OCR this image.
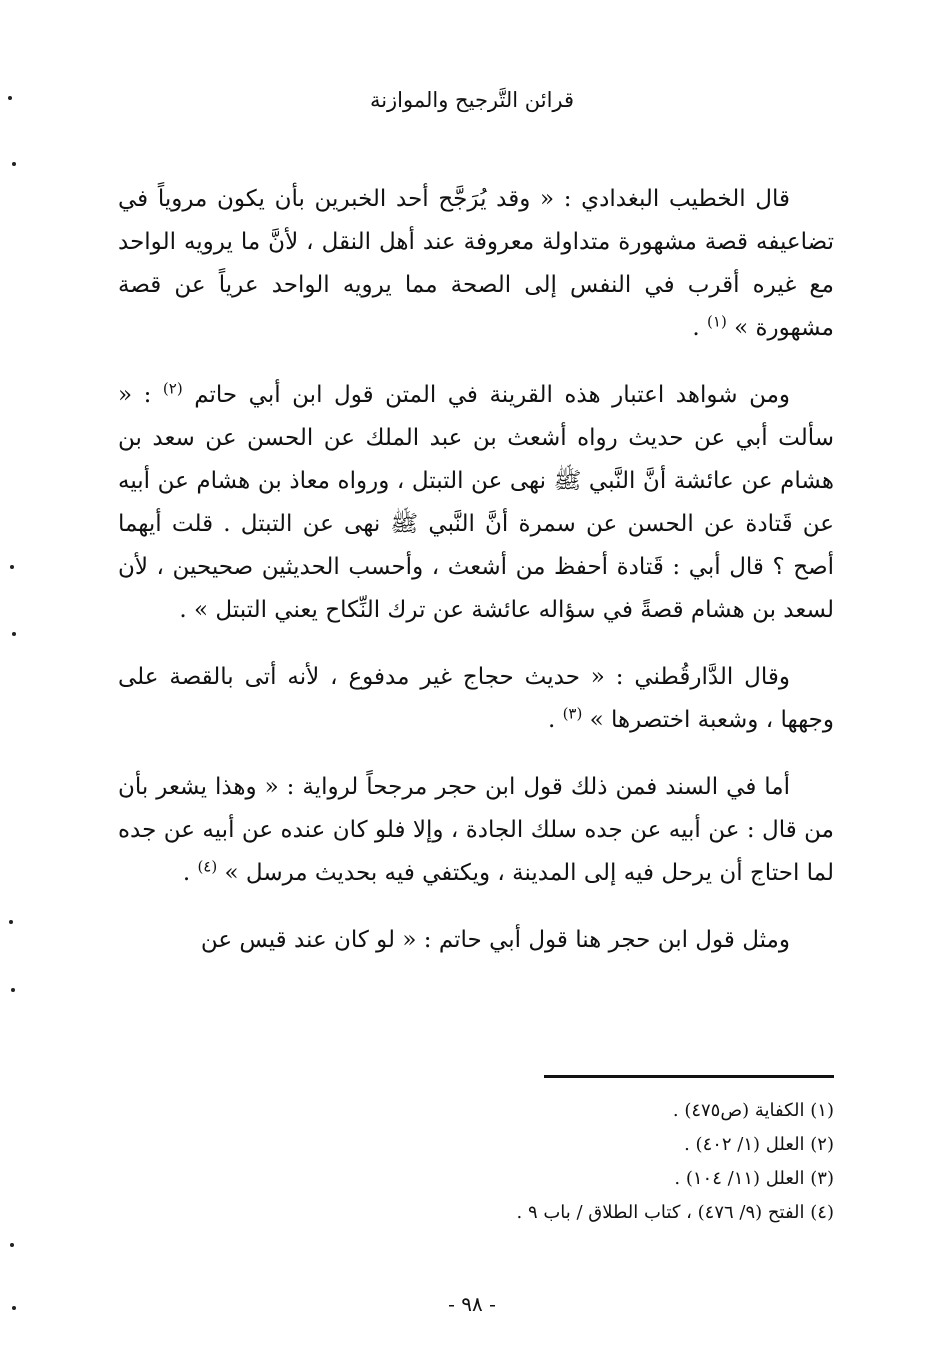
قرائن التَّرجيح والموازنة

قال الخطيب البغدادي : « وقد يُرَجَّح أحد الخبرين بأن يكون مروياً في تضاعيفه قصة مشهورة متداولة معروفة عند أهل النقل ، لأنَّ ما يرويه الواحد مع غيره أقرب في النفس إلى الصحة مما يرويه الواحد عرياً عن قصة مشهورة » $^{(١)}$ .

ومن شواهد اعتبار هذه القرينة في المتن قول ابن أبي حاتم $^{(٢)}$ : « سألت أبي عن حديث رواه أشعث بن عبد الملك عن الحسن عن سعد بن هشام عن عائشة أنَّ النَّبي ﷺ نهى عن التبتل ، ورواه معاذ بن هشام عن أبيه عن قَتادة عن الحسن عن سمرة أنَّ النَّبي ﷺ نهى عن التبتل . قلت أيهما أصح ؟ قال أبي : قَتادة أحفظ من أشعث ، وأحسب الحديثين صحيحين ، لأن لسعد بن هشام قصةً في سؤاله عائشة عن ترك النِّكاح يعني التبتل » .

وقال الدَّارقُطني : « حديث حجاج غير مدفوع ، لأنه أتى بالقصة على وجهها ، وشعبة اختصرها » $^{(٣)}$ .

أما في السند فمن ذلك قول ابن حجر مرجحاً لرواية : « وهذا يشعر بأن من قال : عن أبيه عن جده سلك الجادة ، وإلا فلو كان عنده عن أبيه عن جده لما احتاج أن يرحل فيه إلى المدينة ، ويكتفي فيه بحديث مرسل » $^{(٤)}$ .

ومثل قول ابن حجر هنا قول أبي حاتم : « لو كان عند قيس عن

(١) الكفاية (ص٤٧٥) .

(٢) العلل (١/ ٤٠٢) .

(٣) العلل (١١/ ١٠٤) .

(٤) الفتح (٩/ ٤٧٦) ، كتاب الطلاق / باب ٩ .

- ٩٨ -
